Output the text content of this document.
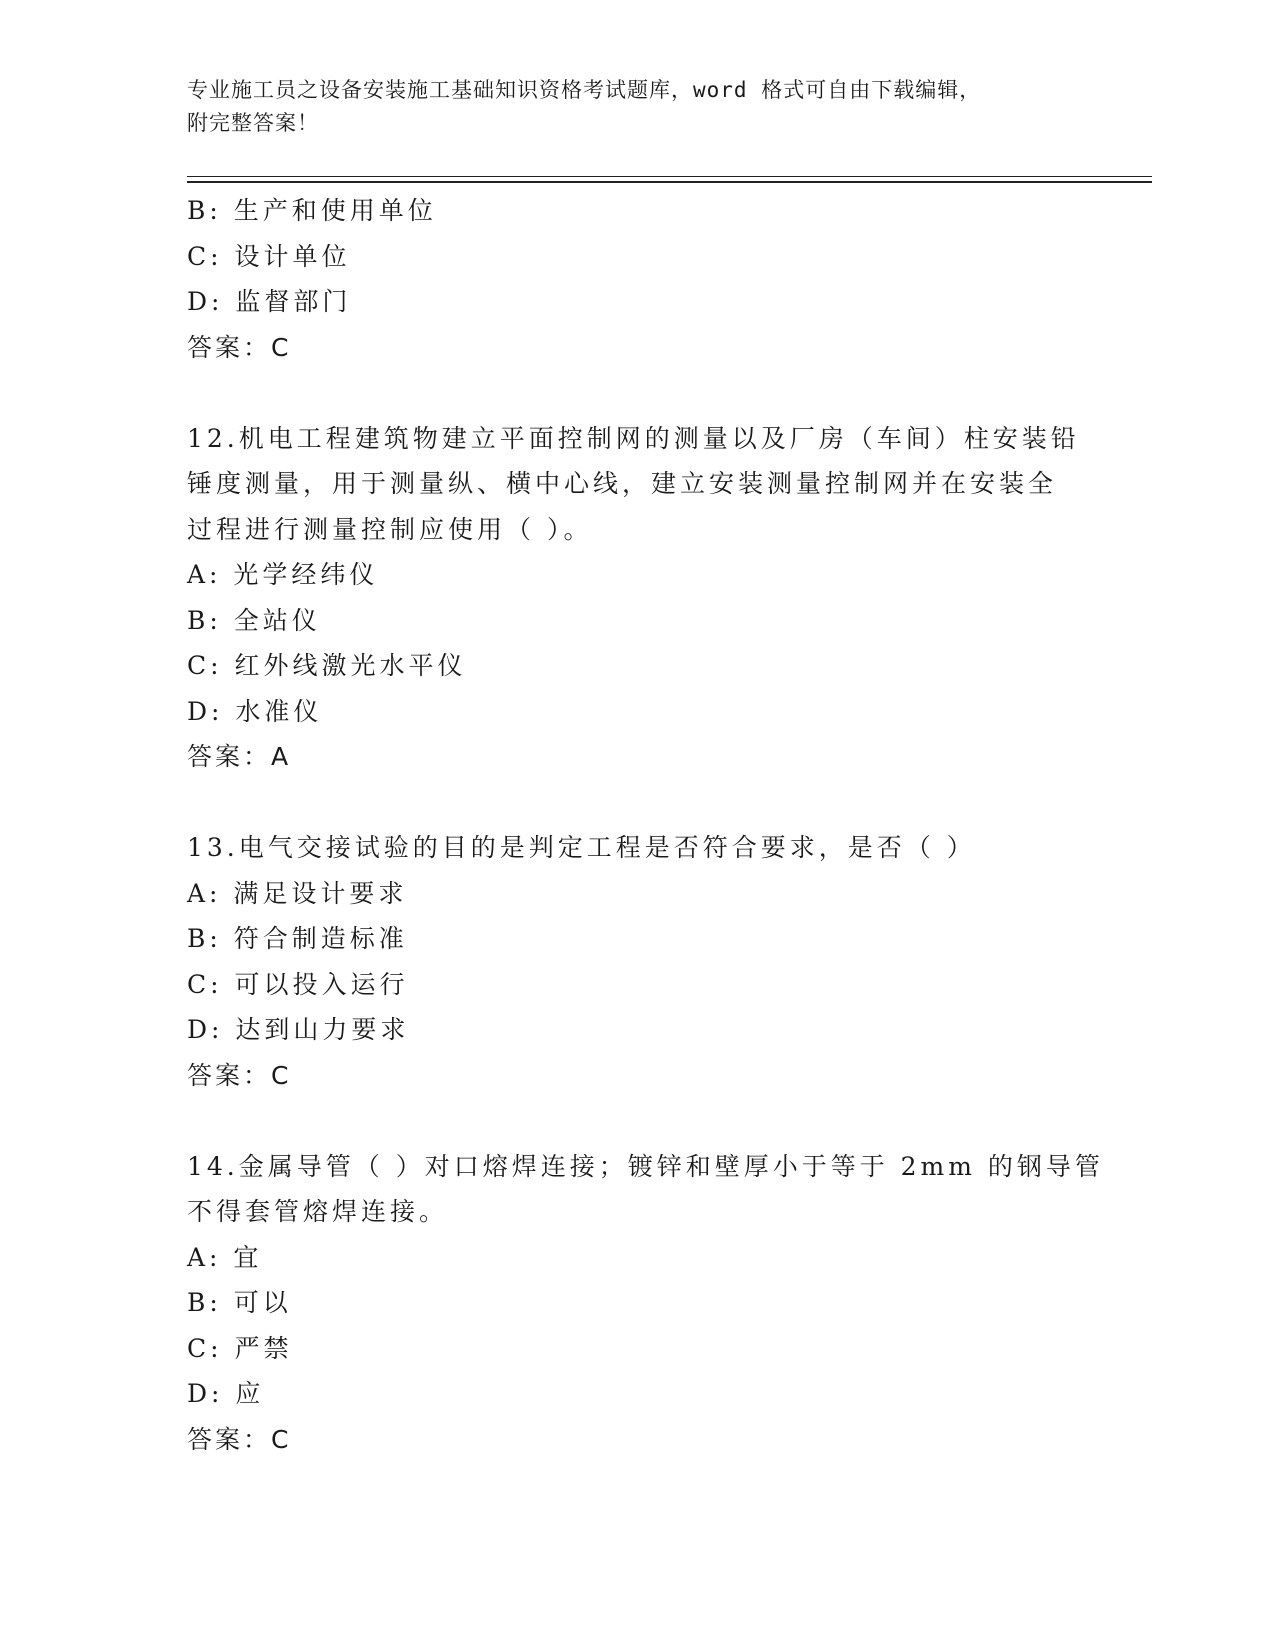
专业施工员之设备安装施工基础知识资格考试题库，word 格式可自由下载编辑，

附完整答案！

B: 生产和使用单位
C: 设计单位
D: 监督部门
答案：C
12.机电工程建筑物建立平面控制网的测量以及厂房（车间）柱安装铅
锤度测量，用于测量纵、横中心线，建立安装测量控制网并在安装全
过程进行测量控制应使用（ ）。
A: 光学经纬仪
B: 全站仪
C: 红外线激光水平仪
D: 水准仪
答案：A
13.电气交接试验的目的是判定工程是否符合要求，是否（ ）
A: 满足设计要求
B: 符合制造标准
C: 可以投入运行
D: 达到山力要求
答案：C
14.金属导管（ ）对口熔焊连接；镀锌和壁厚小于等于 2mm 的钢导管
不得套管熔焊连接。
A: 宜
B: 可以
C: 严禁
D: 应
答案：C
